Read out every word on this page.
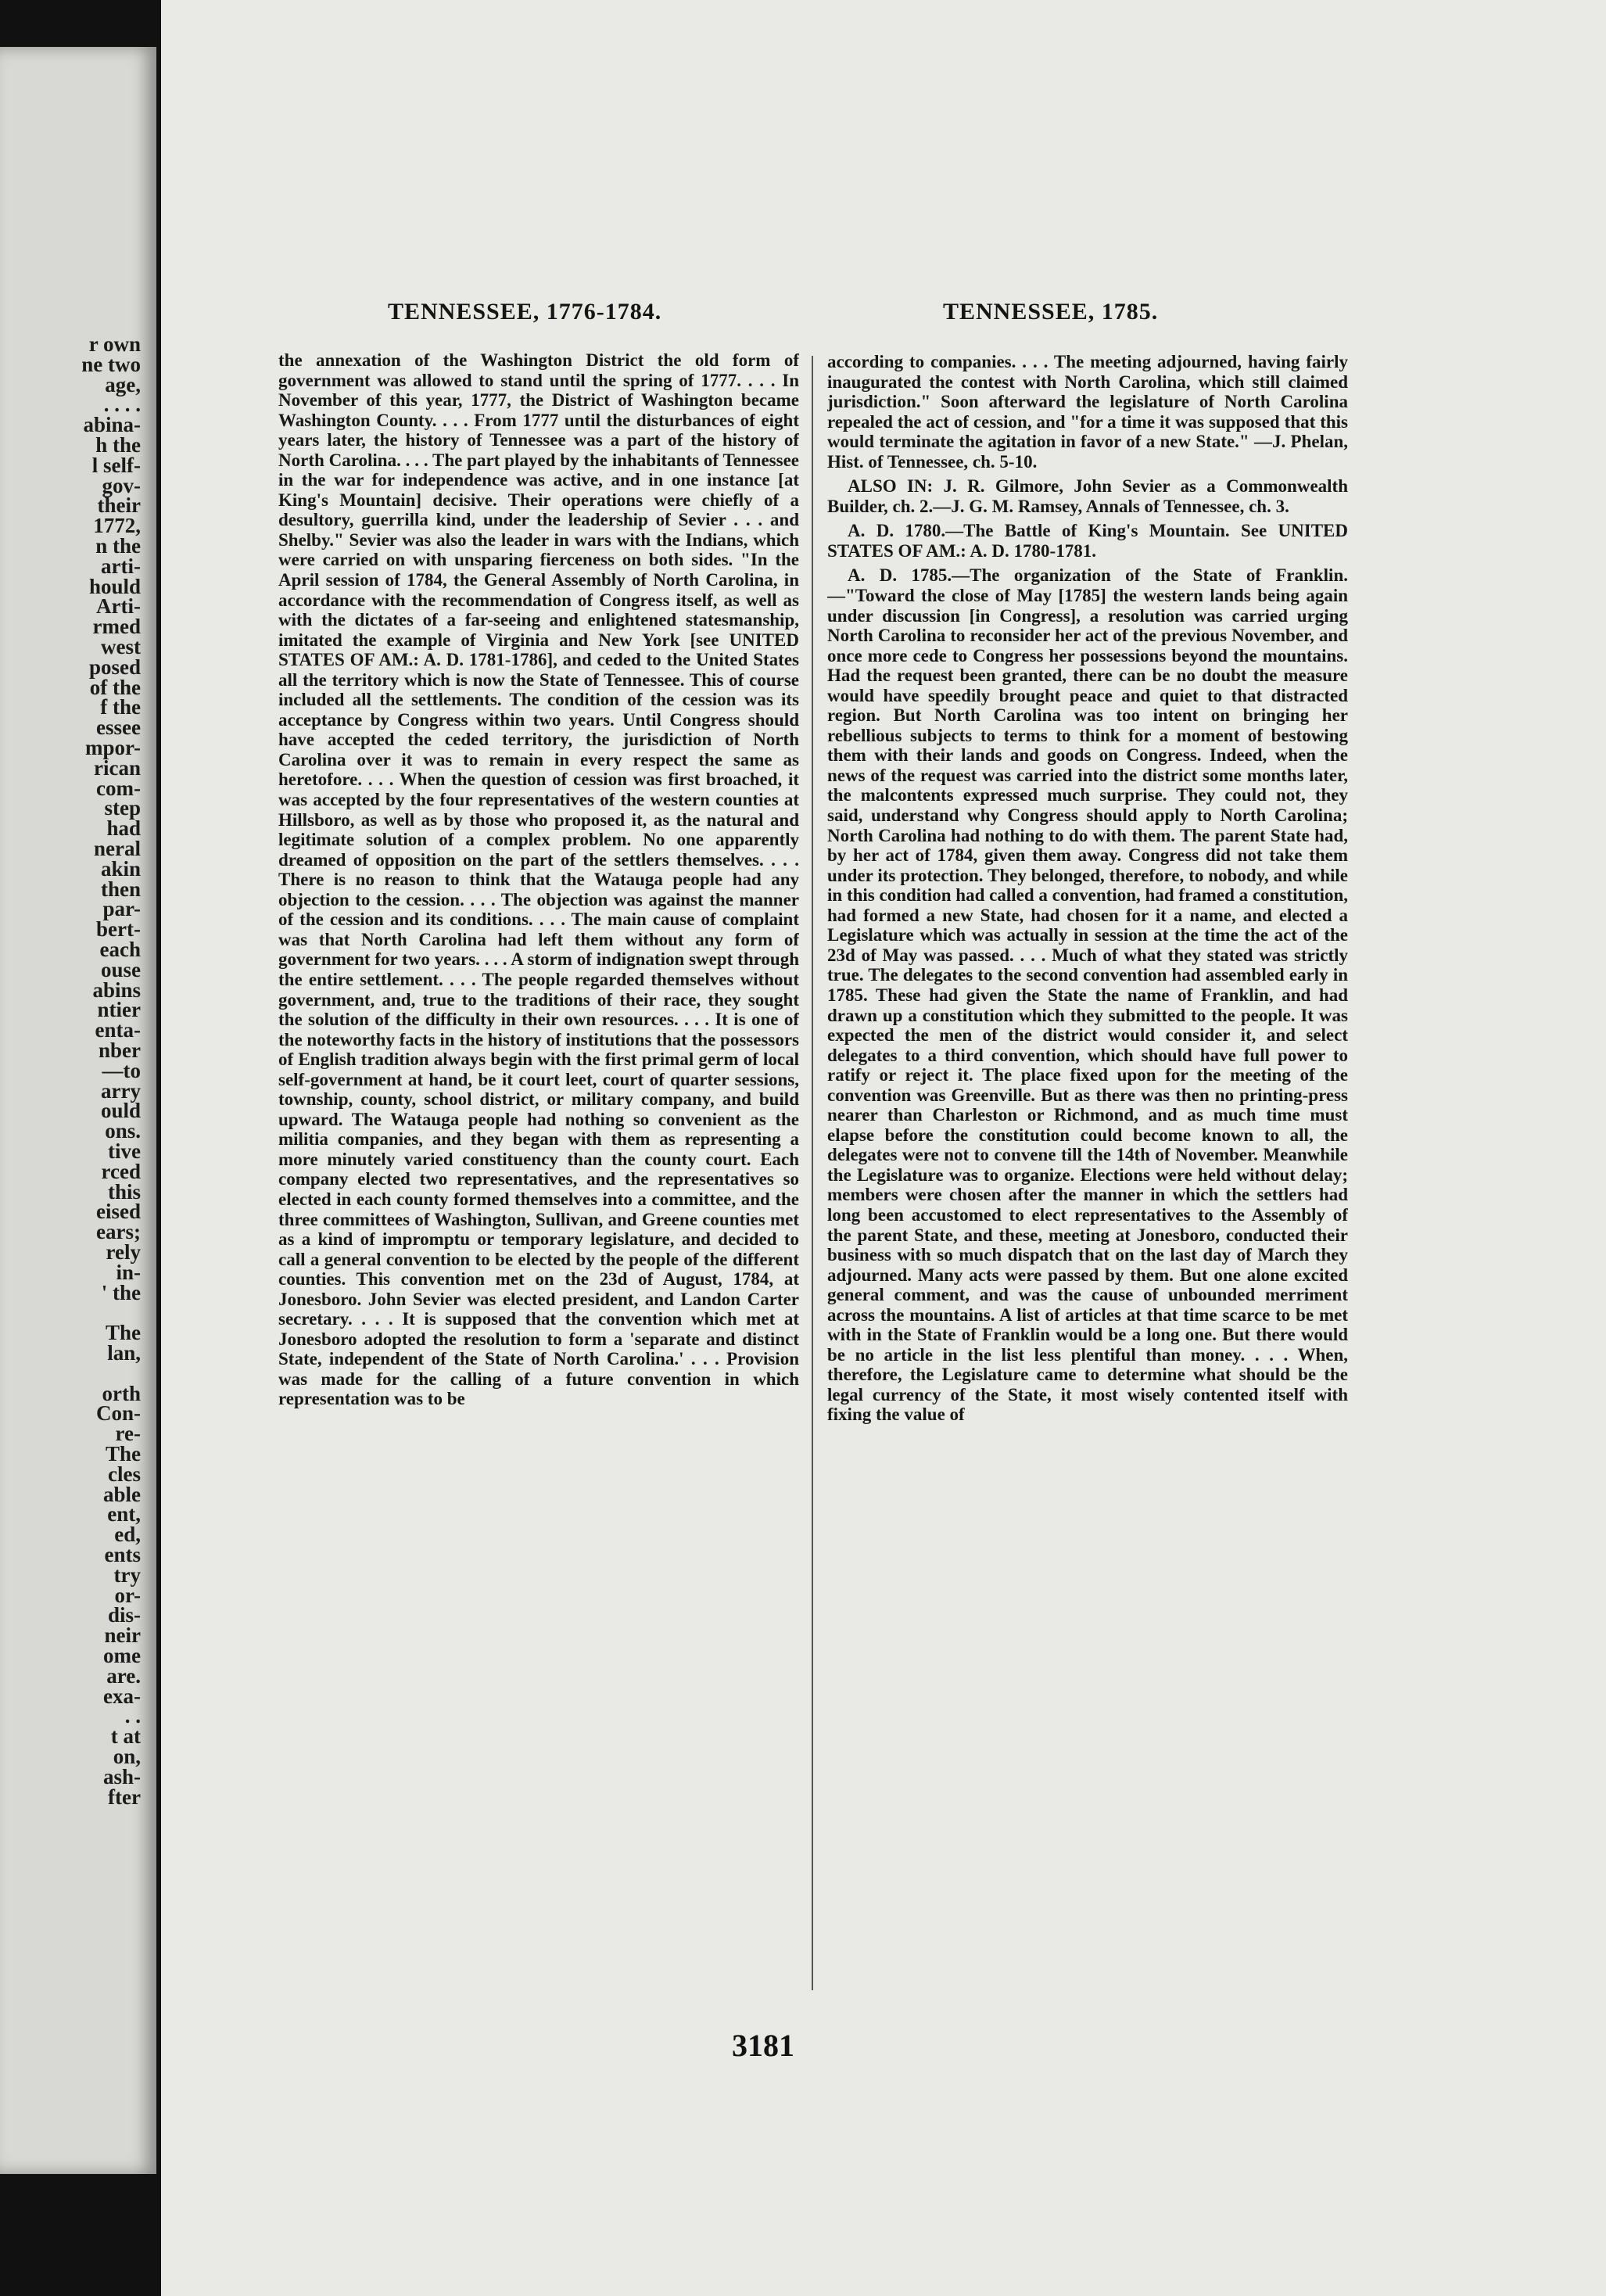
r own
ne two
age,
. . . .
abina-
h the
l self-
gov-
their
1772,
n the
arti-
hould
Arti-
rmed
west
posed
of the
f the
essee
mpor-
rican
com-
step
had
neral
akin
then
par-
bert-
each
ouse
abins
ntier
enta-
nber
—to
arry
ould
ons.
tive
rced
this
eised
ears;
rely
in-
' the
The
lan,
orth
Con-
re-
The
cles
able
ent,
ed,
ents
try
or-
dis-
neir
ome
are.
exa-
. .
t at
on,
ash-
fter
TENNESSEE, 1776-1784.	TENNESSEE, 1785.

the annexation of the Washington District the old form of government was allowed to stand until the spring of 1777. . . . In November of this year, 1777, the District of Washington became Washington County. . . . From 1777 until the disturbances of eight years later, the history of Tennessee was a part of the history of North Carolina. . . . The part played by the inhabitants of Tennessee in the war for independence was active, and in one instance [at King's Mountain] decisive. Their operations were chiefly of a desultory, guerrilla kind, under the leadership of Sevier . . . and Shelby." Sevier was also the leader in wars with the Indians, which were carried on with unsparing fierceness on both sides. "In the April session of 1784, the General Assembly of North Carolina, in accordance with the recommendation of Congress itself, as well as with the dictates of a far-seeing and enlightened statesmanship, imitated the example of Virginia and New York [see UNITED STATES OF AM.: A. D. 1781-1786], and ceded to the United States all the territory which is now the State of Tennessee. This of course included all the settlements. The condition of the cession was its acceptance by Congress within two years. Until Congress should have accepted the ceded territory, the jurisdiction of North Carolina over it was to remain in every respect the same as heretofore. . . . When the question of cession was first broached, it was accepted by the four representatives of the western counties at Hillsboro, as well as by those who proposed it, as the natural and legitimate solution of a complex problem. No one apparently dreamed of opposition on the part of the settlers themselves. . . . There is no reason to think that the Watauga people had any objection to the cession. . . . The objection was against the manner of the cession and its conditions. . . . The main cause of complaint was that North Carolina had left them without any form of government for two years. . . . A storm of indignation swept through the entire settlement. . . . The people regarded themselves without government, and, true to the traditions of their race, they sought the solution of the difficulty in their own resources. . . . It is one of the noteworthy facts in the history of institutions that the possessors of English tradition always begin with the first primal germ of local self-government at hand, be it court leet, court of quarter sessions, township, county, school district, or military company, and build upward. The Watauga people had nothing so convenient as the militia companies, and they began with them as representing a more minutely varied constituency than the county court. Each company elected two representatives, and the representatives so elected in each county formed themselves into a committee, and the three committees of Washington, Sullivan, and Greene counties met as a kind of impromptu or temporary legislature, and decided to call a general convention to be elected by the people of the different counties. This convention met on the 23d of August, 1784, at Jonesboro. John Sevier was elected president, and Landon Carter secretary. . . . It is supposed that the convention which met at Jonesboro adopted the resolution to form a 'separate and distinct State, independent of the State of North Carolina.' . . . Provision was made for the calling of a future convention in which representation was to be

according to companies. . . . The meeting adjourned, having fairly inaugurated the contest with North Carolina, which still claimed jurisdiction." Soon afterward the legislature of North Carolina repealed the act of cession, and "for a time it was supposed that this would terminate the agitation in favor of a new State." —J. Phelan, Hist. of Tennessee, ch. 5-10.

ALSO IN: J. R. Gilmore, John Sevier as a Commonwealth Builder, ch. 2.—J. G. M. Ramsey, Annals of Tennessee, ch. 3.

A. D. 1780.—The Battle of King's Mountain. See UNITED STATES OF AM.: A. D. 1780-1781.

A. D. 1785.—The organization of the State of Franklin. —"Toward the close of May [1785] the western lands being again under discussion [in Congress], a resolution was carried urging North Carolina to reconsider her act of the previous November, and once more cede to Congress her possessions beyond the mountains. Had the request been granted, there can be no doubt the measure would have speedily brought peace and quiet to that distracted region. But North Carolina was too intent on bringing her rebellious subjects to terms to think for a moment of bestowing them with their lands and goods on Congress. Indeed, when the news of the request was carried into the district some months later, the malcontents expressed much surprise. They could not, they said, understand why Congress should apply to North Carolina; North Carolina had nothing to do with them. The parent State had, by her act of 1784, given them away. Congress did not take them under its protection. They belonged, therefore, to nobody, and while in this condition had called a convention, had framed a constitution, had formed a new State, had chosen for it a name, and elected a Legislature which was actually in session at the time the act of the 23d of May was passed. . . . Much of what they stated was strictly true. The delegates to the second convention had assembled early in 1785. These had given the State the name of Franklin, and had drawn up a constitution which they submitted to the people. It was expected the men of the district would consider it, and select delegates to a third convention, which should have full power to ratify or reject it. The place fixed upon for the meeting of the convention was Greenville. But as there was then no printing-press nearer than Charleston or Richmond, and as much time must elapse before the constitution could become known to all, the delegates were not to convene till the 14th of November. Meanwhile the Legislature was to organize. Elections were held without delay; members were chosen after the manner in which the settlers had long been accustomed to elect representatives to the Assembly of the parent State, and these, meeting at Jonesboro, conducted their business with so much dispatch that on the last day of March they adjourned. Many acts were passed by them. But one alone excited general comment, and was the cause of unbounded merriment across the mountains. A list of articles at that time scarce to be met with in the State of Franklin would be a long one. But there would be no article in the list less plentiful than money. . . . When, therefore, the Legislature came to determine what should be the legal currency of the State, it most wisely contented itself with fixing the value of

3181
